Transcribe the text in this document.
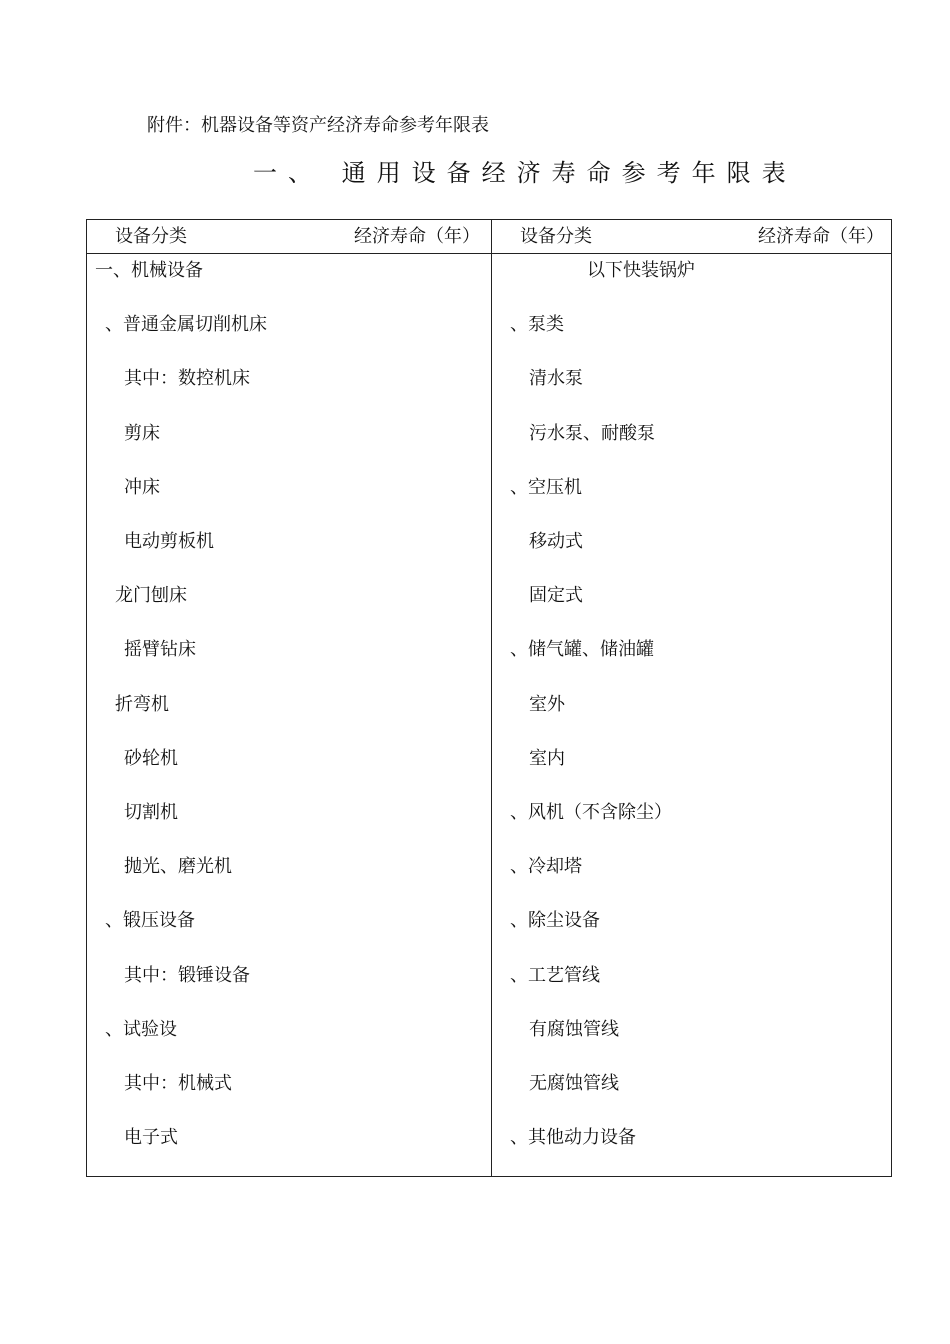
附件：机器设备等资产经济寿命参考年限表
一、 通用设备经济寿命参考年限表
设备分类	经济寿命（年） 设备分类	经济寿命（年）
一、机械设备
、普通金属切削机床
其中：数控机床
剪床
冲床
电动剪板机
龙门刨床
摇臂钻床
折弯机
砂轮机
切割机
抛光、磨光机
、锻压设备
其中：锻锤设备
、试验设
其中：机械式
电子式
以下快装锅炉
、泵类
清水泵
污水泵、耐酸泵
、空压机
移动式
固定式
、储气罐、储油罐
室外
室内
、风机（不含除尘）
、冷却塔
、除尘设备
、工艺管线
有腐蚀管线
无腐蚀管线
、其他动力设备
